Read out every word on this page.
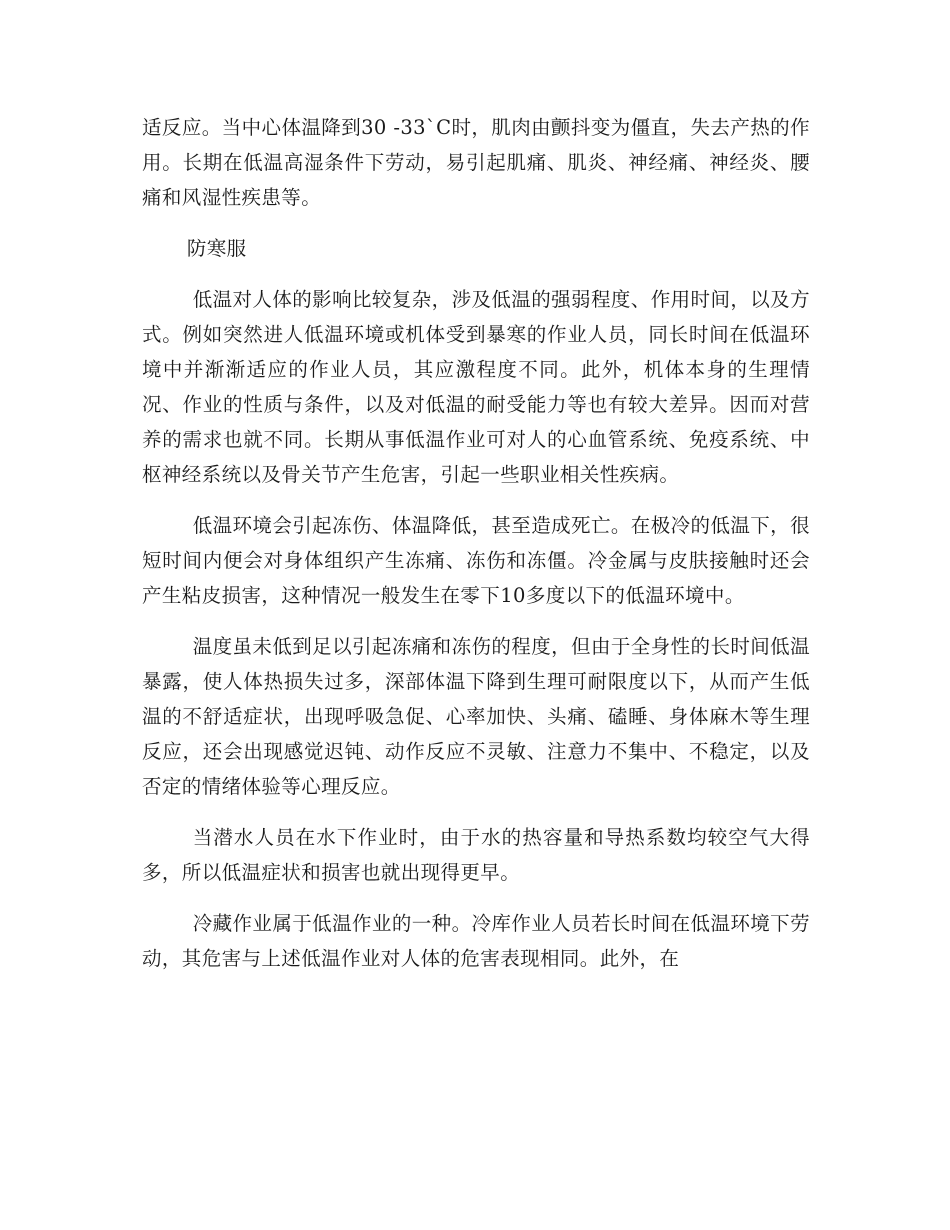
适反应。当中心体温降到30 -33`C时，肌肉由颤抖变为僵直，失去产热的作用。长期在低温高湿条件下劳动，易引起肌痛、肌炎、神经痛、神经炎、腰痛和风湿性疾患等。

防寒服

低温对人体的影响比较复杂，涉及低温的强弱程度、作用时间，以及方式。例如突然进人低温环境或机体受到暴寒的作业人员，同长时间在低温环境中并渐渐适应的作业人员，其应激程度不同。此外，机体本身的生理情况、作业的性质与条件，以及对低温的耐受能力等也有较大差异。因而对营养的需求也就不同。长期从事低温作业可对人的心血管系统、免疫系统、中枢神经系统以及骨关节产生危害，引起一些职业相关性疾病。

低温环境会引起冻伤、体温降低，甚至造成死亡。在极冷的低温下，很短时间内便会对身体组织产生冻痛、冻伤和冻僵。冷金属与皮肤接触时还会产生粘皮损害，这种情况一般发生在零下10多度以下的低温环境中。

温度虽未低到足以引起冻痛和冻伤的程度，但由于全身性的长时间低温暴露，使人体热损失过多，深部体温下降到生理可耐限度以下，从而产生低温的不舒适症状，出现呼吸急促、心率加快、头痛、磕睡、身体麻木等生理反应，还会出现感觉迟钝、动作反应不灵敏、注意力不集中、不稳定，以及否定的情绪体验等心理反应。

当潜水人员在水下作业时，由于水的热容量和导热系数均较空气大得多，所以低温症状和损害也就出现得更早。

冷藏作业属于低温作业的一种。冷库作业人员若长时间在低温环境下劳动，其危害与上述低温作业对人体的危害表现相同。此外，在
